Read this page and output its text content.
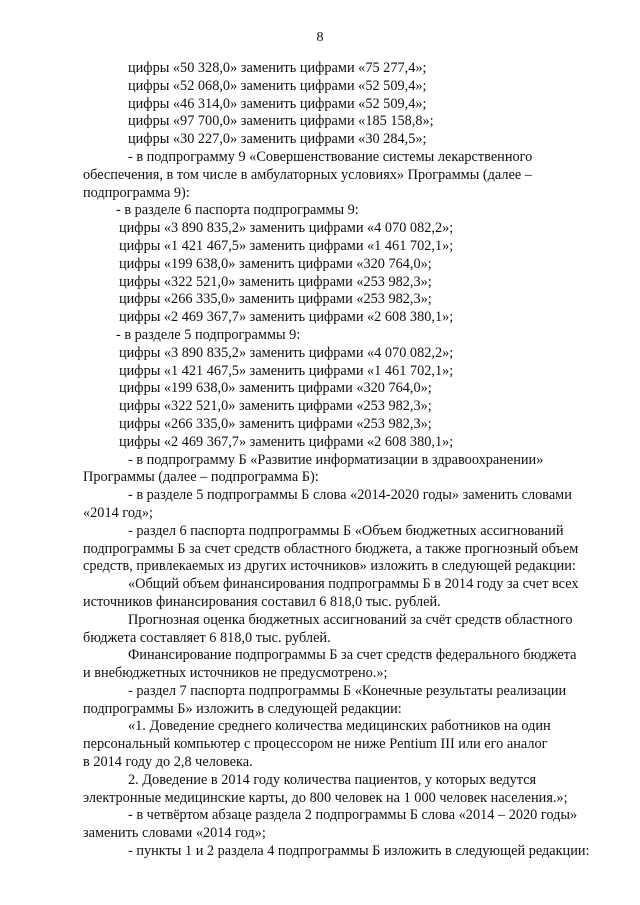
8
цифры «50 328,0» заменить цифрами «75 277,4»;
цифры «52 068,0» заменить цифрами «52 509,4»;
цифры «46 314,0» заменить цифрами «52 509,4»;
цифры «97 700,0» заменить цифрами «185 158,8»;
цифры «30 227,0» заменить цифрами «30 284,5»;
- в подпрограмму 9 «Совершенствование системы лекарственного
обеспечения, в том числе в амбулаторных условиях» Программы (далее –
подпрограмма 9):
- в разделе 6 паспорта подпрограммы 9:
цифры «3 890 835,2» заменить цифрами «4 070 082,2»;
цифры «1 421 467,5» заменить цифрами «1 461 702,1»;
цифры «199 638,0» заменить цифрами «320 764,0»;
цифры «322 521,0» заменить цифрами «253 982,3»;
цифры «266 335,0» заменить цифрами «253 982,3»;
цифры «2 469 367,7» заменить цифрами «2 608 380,1»;
- в разделе 5 подпрограммы 9:
цифры «3 890 835,2» заменить цифрами «4 070 082,2»;
цифры «1 421 467,5» заменить цифрами «1 461 702,1»;
цифры «199 638,0» заменить цифрами «320 764,0»;
цифры «322 521,0» заменить цифрами «253 982,3»;
цифры «266 335,0» заменить цифрами «253 982,3»;
цифры «2 469 367,7» заменить цифрами «2 608 380,1»;
- в подпрограмму Б «Развитие информатизации в здравоохранении»
Программы (далее – подпрограмма Б):
- в разделе 5 подпрограммы Б слова «2014-2020 годы» заменить словами
«2014 год»;
- раздел 6 паспорта подпрограммы Б «Объем бюджетных ассигнований
подпрограммы Б за счет средств областного бюджета, а также прогнозный объем
средств, привлекаемых из других источников» изложить в следующей редакции:
«Общий объем финансирования подпрограммы Б в 2014 году за счет всех
источников финансирования составил 6 818,0 тыс. рублей.
Прогнозная оценка бюджетных ассигнований за счёт средств областного
бюджета составляет 6 818,0 тыс. рублей.
Финансирование подпрограммы Б за счет средств федерального бюджета
и внебюджетных источников не предусмотрено.»;
- раздел 7 паспорта подпрограммы Б «Конечные результаты реализации
подпрограммы Б» изложить в следующей редакции:
«1. Доведение среднего количества медицинских работников на один
персональный компьютер с процессором не ниже Pentium III или его аналог
в 2014 году до 2,8 человека.
2. Доведение в 2014 году количества пациентов, у которых ведутся
электронные медицинские карты, до 800 человек на 1 000 человек населения.»;
- в четвёртом абзаце раздела 2 подпрограммы Б слова «2014 – 2020 годы»
заменить словами «2014 год»;
- пункты 1 и 2 раздела 4 подпрограммы Б изложить в следующей редакции:
